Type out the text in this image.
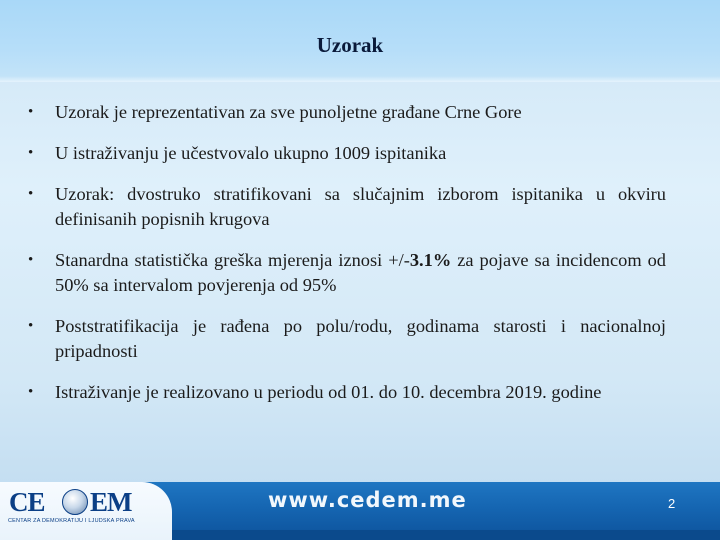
Uzorak
• Uzorak je reprezentativan za sve punoljetne građane Crne Gore
• U istraživanju je učestvovalo ukupno 1009 ispitanika
• Uzorak: dvostruko stratifikovani sa slučajnim izborom ispitanika u okviru definisanih popisnih krugova
• Stanardna statistička greška mjerenja iznosi +/-3.1% za pojave sa incidencom od 50% sa intervalom povjerenja od 95%
• Poststratifikacija je rađena po polu/rodu, godinama starosti i nacionalnoj pripadnosti
• Istraživanje je realizovano u periodu od 01. do 10. decembra 2019. godine
CE EM
CENTAR ZA DEMOKRATIJU I LJUDSKA PRAVA
www.cedem.me	2
